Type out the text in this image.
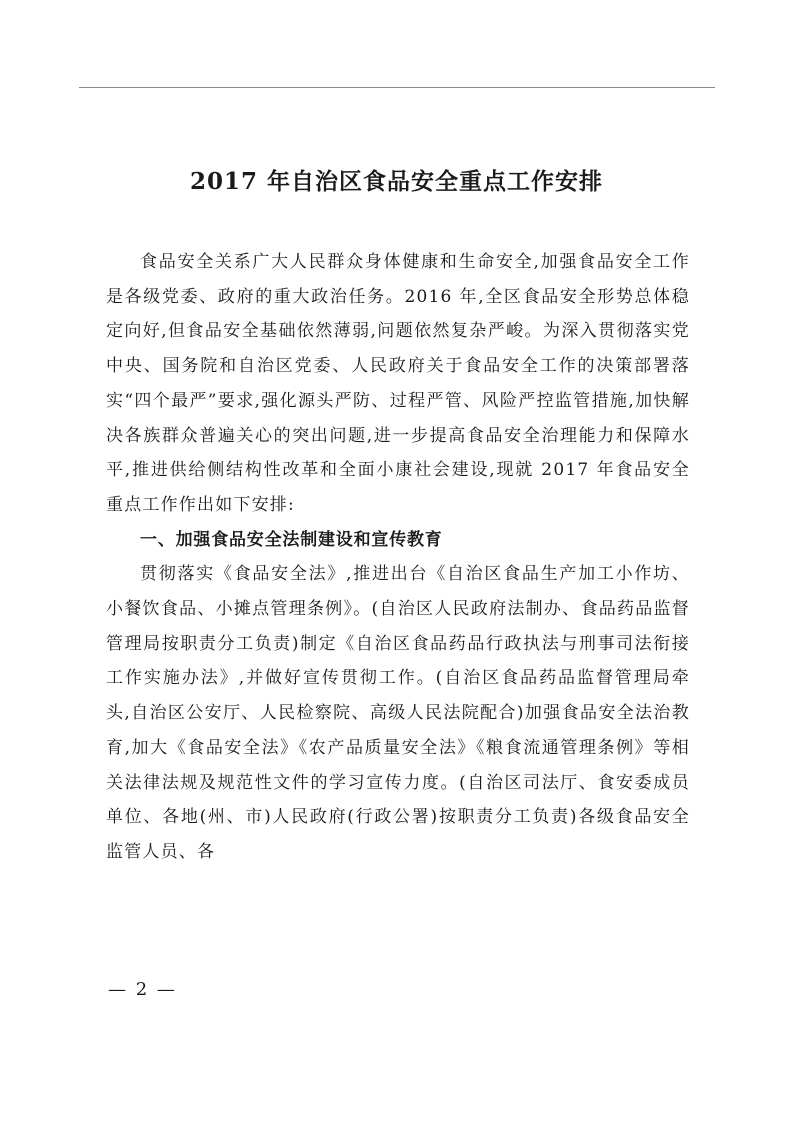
2017 年自治区食品安全重点工作安排

食品安全关系广大人民群众身体健康和生命安全,加强食品安全工作是各级党委、政府的重大政治任务。2016 年,全区食品安全形势总体稳定向好,但食品安全基础依然薄弱,问题依然复杂严峻。为深入贯彻落实党中央、国务院和自治区党委、人民政府关于食品安全工作的决策部署落实“四个最严”要求,强化源头严防、过程严管、风险严控监管措施,加快解决各族群众普遍关心的突出问题,进一步提高食品安全治理能力和保障水平,推进供给侧结构性改革和全面小康社会建设,现就 2017 年食品安全重点工作作出如下安排:

一、加强食品安全法制建设和宣传教育

贯彻落实《食品安全法》,推进出台《自治区食品生产加工小作坊、小餐饮食品、小摊点管理条例》。(自治区人民政府法制办、食品药品监督管理局按职责分工负责)制定《自治区食品药品行政执法与刑事司法衔接工作实施办法》,并做好宣传贯彻工作。(自治区食品药品监督管理局牵头,自治区公安厅、人民检察院、高级人民法院配合)加强食品安全法治教育,加大《食品安全法》《农产品质量安全法》《粮食流通管理条例》等相关法律法规及规范性文件的学习宣传力度。(自治区司法厅、食安委成员单位、各地(州、市)人民政府(行政公署)按职责分工负责)各级食品安全监管人员、各

— 2 —
